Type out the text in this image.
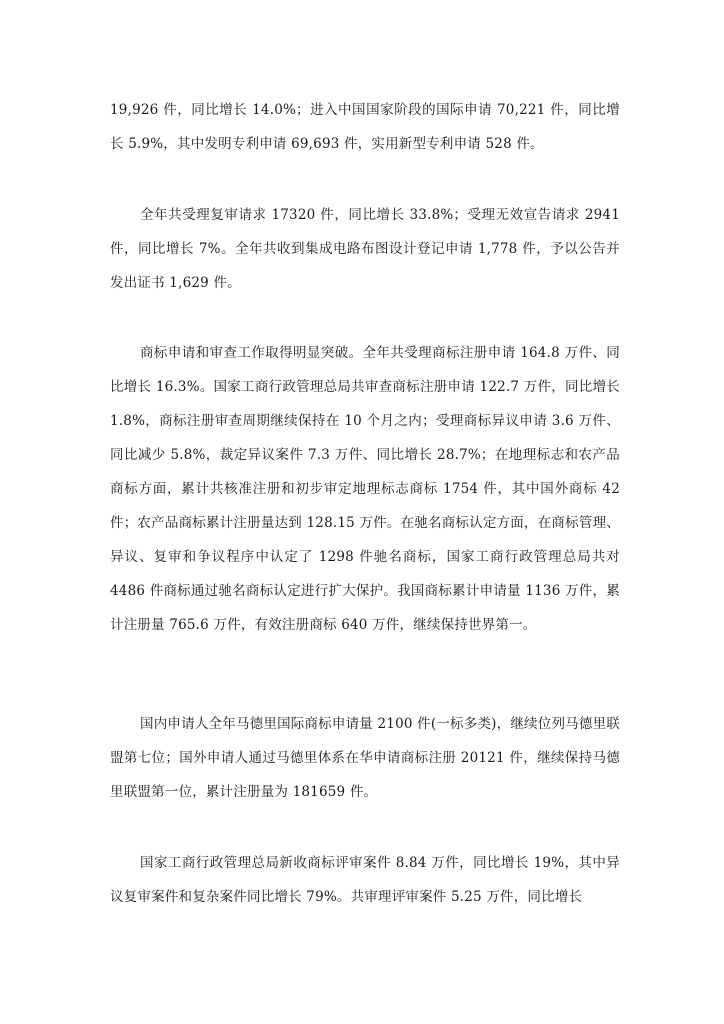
19,926 件，同比增长 14.0%；进入中国国家阶段的国际申请 70,221 件，同比增长 5.9%，其中发明专利申请 69,693 件，实用新型专利申请 528 件。

全年共受理复审请求 17320 件，同比增长 33.8%；受理无效宣告请求 2941 件，同比增长 7%。全年共收到集成电路布图设计登记申请 1,778 件，予以公告并发出证书 1,629 件。

商标申请和审查工作取得明显突破。全年共受理商标注册申请 164.8 万件、同比增长 16.3%。国家工商行政管理总局共审查商标注册申请 122.7 万件，同比增长 1.8%，商标注册审查周期继续保持在 10 个月之内；受理商标异议申请 3.6 万件、同比减少 5.8%，裁定异议案件 7.3 万件、同比增长 28.7%；在地理标志和农产品商标方面，累计共核准注册和初步审定地理标志商标 1754 件，其中国外商标 42 件；农产品商标累计注册量达到 128.15 万件。在驰名商标认定方面，在商标管理、异议、复审和争议程序中认定了 1298 件驰名商标，国家工商行政管理总局共对 4486 件商标通过驰名商标认定进行扩大保护。我国商标累计申请量 1136 万件，累计注册量 765.6 万件，有效注册商标 640 万件，继续保持世界第一。

国内申请人全年马德里国际商标申请量 2100 件(一标多类)，继续位列马德里联盟第七位；国外申请人通过马德里体系在华申请商标注册 20121 件，继续保持马德里联盟第一位，累计注册量为 181659 件。

国家工商行政管理总局新收商标评审案件 8.84 万件，同比增长 19%，其中异议复审案件和复杂案件同比增长 79%。共审理评审案件 5.25 万件，同比增长
